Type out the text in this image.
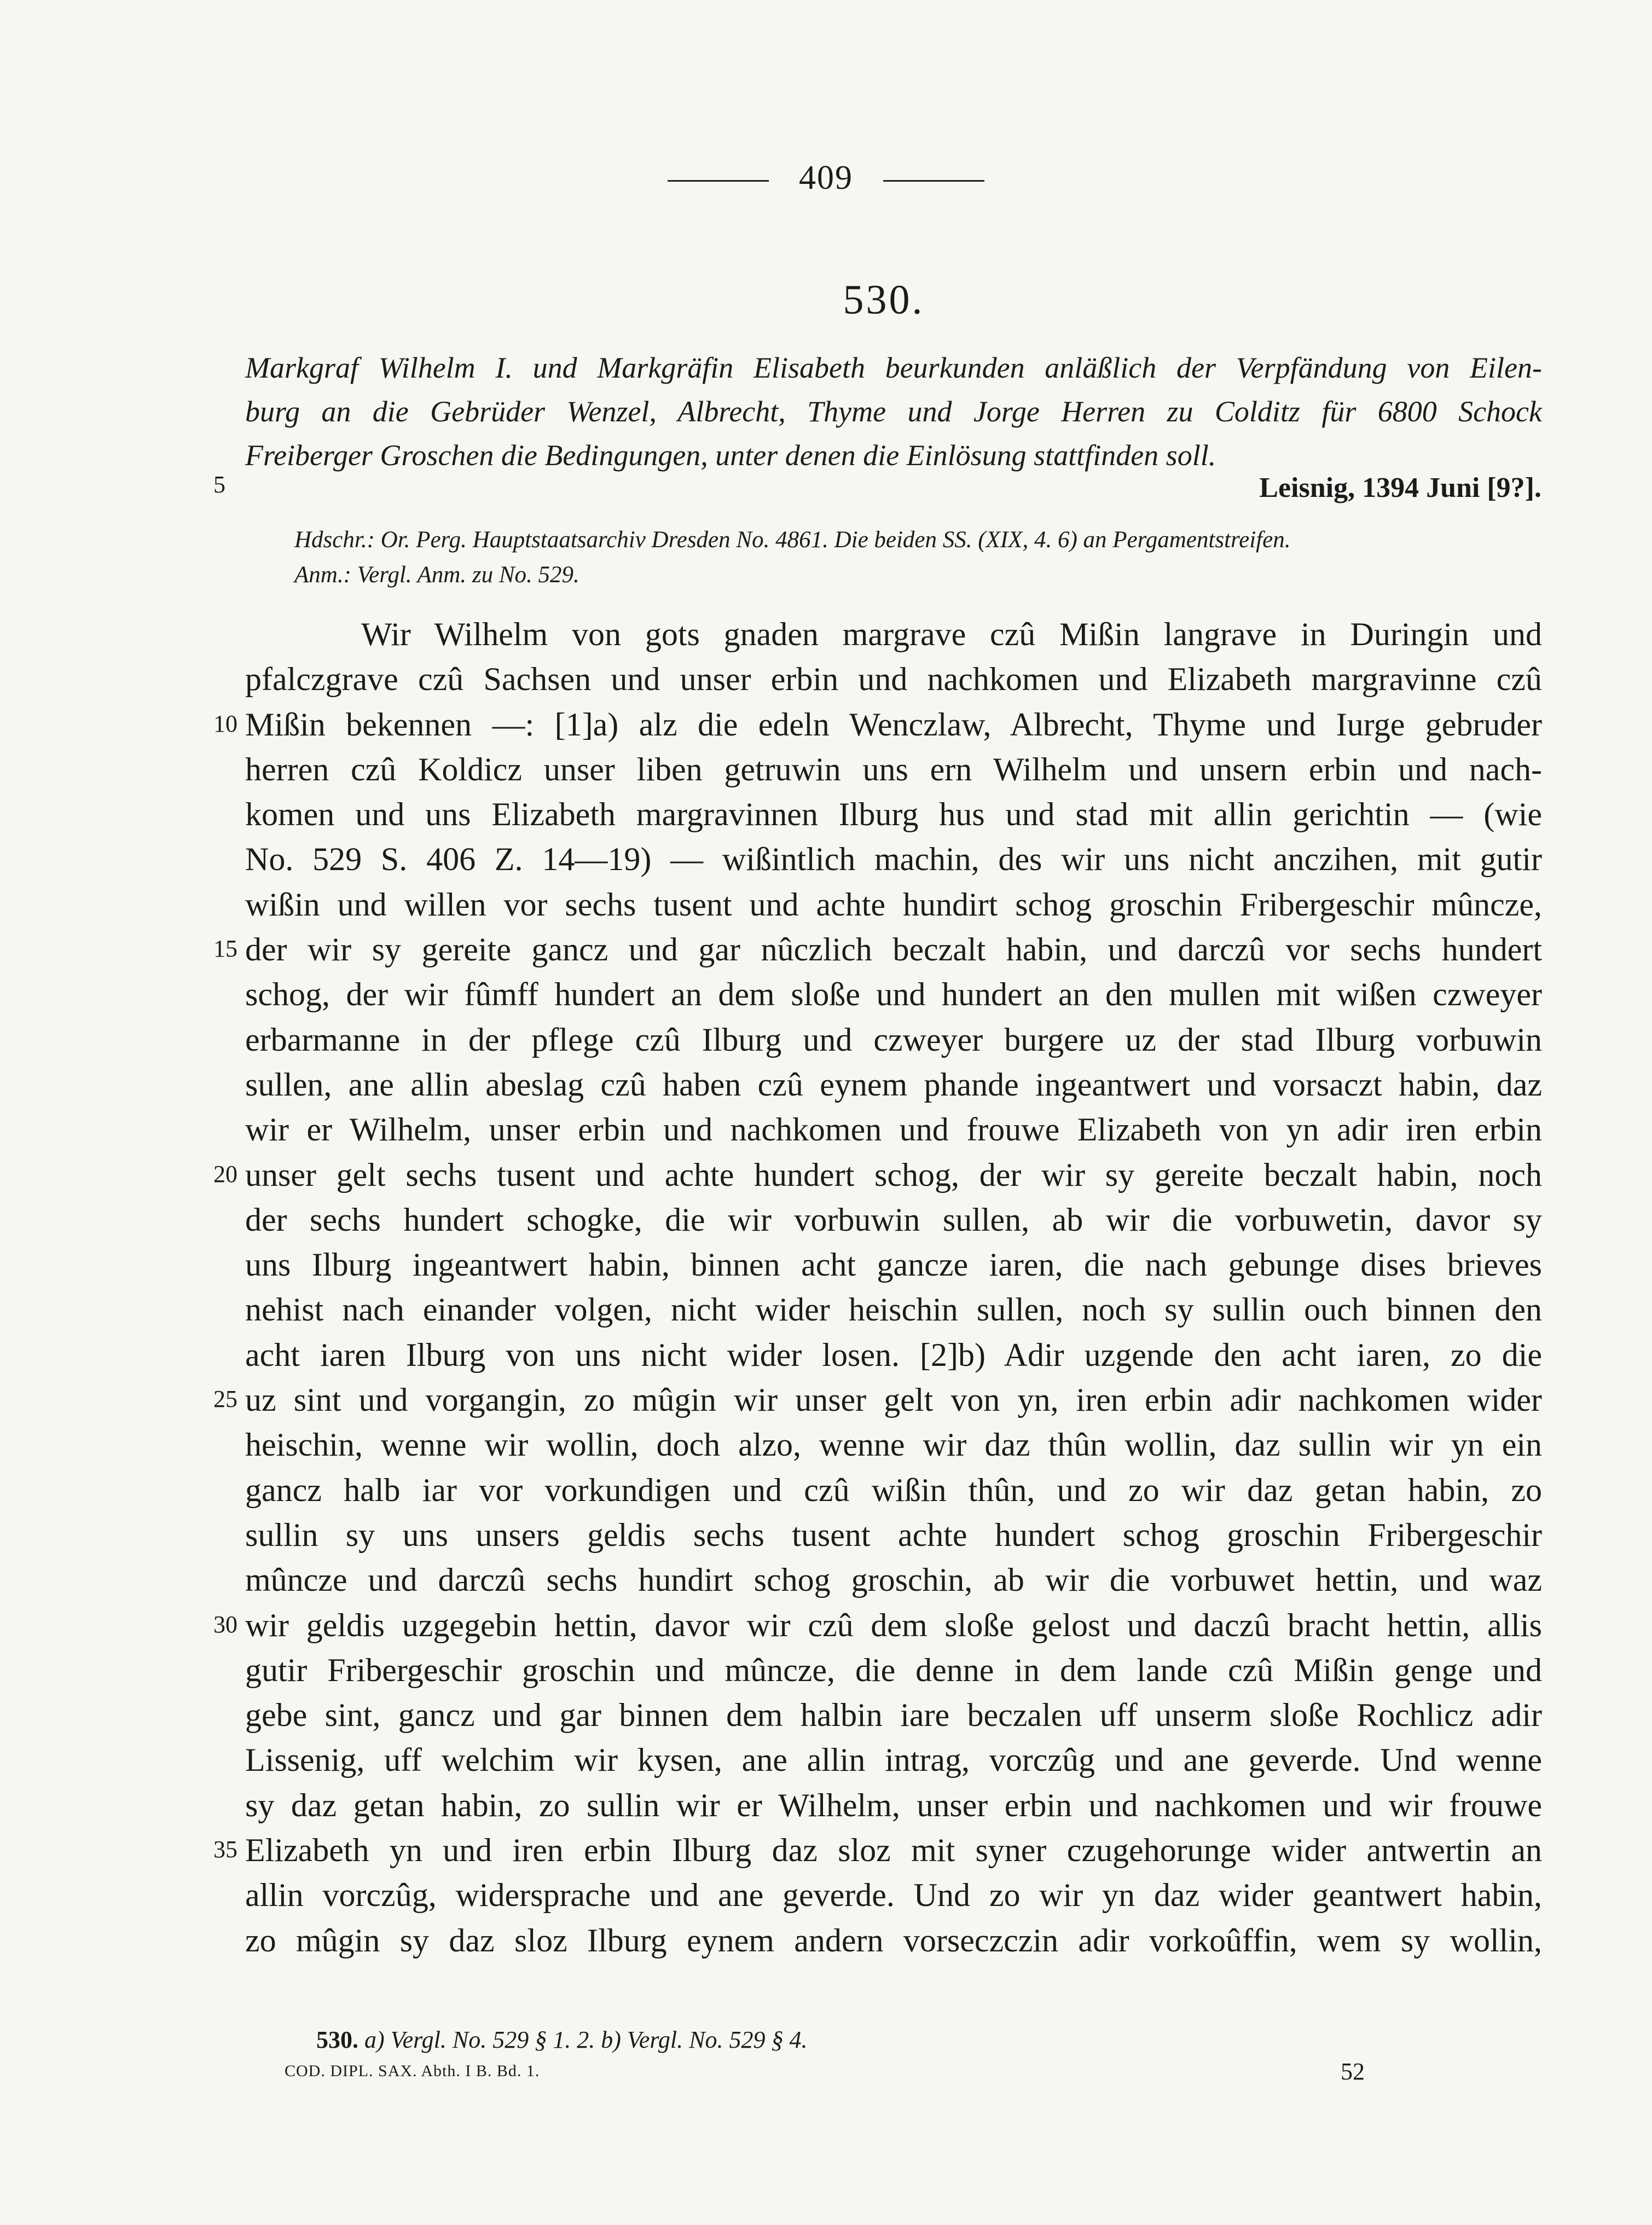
409
530.
Markgraf Wilhelm I. und Markgräfin Elisabeth beurkunden anläßlich der Verpfändung von Eilen-
burg an die Gebrüder Wenzel, Albrecht, Thyme und Jorge Herren zu Colditz für 6800 Schock
Freiberger Groschen die Bedingungen, unter denen die Einlösung stattfinden soll.
5	Leisnig, 1394 Juni [9?].
Hdschr.: Or. Perg. Hauptstaatsarchiv Dresden No. 4861. Die beiden SS. (XIX, 4. 6) an Pergamentstreifen.
Anm.: Vergl. Anm. zu No. 529.
Wir Wilhelm von gots gnaden margrave czû Mißin langrave in Duringin und
pfalczgrave czû Sachsen und unser erbin und nachkomen und Elizabeth margravinne czû
Mißin bekennen —: [1]a) alz die edeln Wenczlaw, Albrecht, Thyme und Iurge gebruder
herren czû Koldicz unser liben getruwin uns ern Wilhelm und unsern erbin und nach-
komen und uns Elizabeth margravinnen Ilburg hus und stad mit allin gerichtin — (wie
No. 529 S. 406 Z. 14—19) — wißintlich machin, des wir uns nicht anczihen, mit gutir
wißin und willen vor sechs tusent und achte hundirt schog groschin Fribergeschir mûncze,
der wir sy gereite gancz und gar nûczlich beczalt habin, und darczû vor sechs hundert
schog, der wir fûmff hundert an dem sloße und hundert an den mullen mit wißen czweyer
erbarmanne in der pflege czû Ilburg und czweyer burgere uz der stad Ilburg vorbuwin
sullen, ane allin abeslag czû haben czû eynem phande ingeantwert und vorsaczt habin, daz
wir er Wilhelm, unser erbin und nachkomen und frouwe Elizabeth von yn adir iren erbin
unser gelt sechs tusent und achte hundert schog, der wir sy gereite beczalt habin, noch
der sechs hundert schogke, die wir vorbuwin sullen, ab wir die vorbuwetin, davor sy
uns Ilburg ingeantwert habin, binnen acht gancze iaren, die nach gebunge dises brieves
nehist nach einander volgen, nicht wider heischin sullen, noch sy sullin ouch binnen den
acht iaren Ilburg von uns nicht wider losen. [2]b) Adir uzgende den acht iaren, zo die
uz sint und vorgangin, zo mûgin wir unser gelt von yn, iren erbin adir nachkomen wider
heischin, wenne wir wollin, doch alzo, wenne wir daz thûn wollin, daz sullin wir yn ein
gancz halb iar vor vorkundigen und czû wißin thûn, und zo wir daz getan habin, zo
sullin sy uns unsers geldis sechs tusent achte hundert schog groschin Fribergeschir
mûncze und darczû sechs hundirt schog groschin, ab wir die vorbuwet hettin, und waz
wir geldis uzgegebin hettin, davor wir czû dem sloße gelost und daczû bracht hettin, allis
gutir Fribergeschir groschin und mûncze, die denne in dem lande czû Mißin genge und
gebe sint, gancz und gar binnen dem halbin iare beczalen uff unserm sloße Rochlicz adir
Lissenig, uff welchim wir kysen, ane allin intrag, vorczûg und ane geverde. Und wenne
sy daz getan habin, zo sullin wir er Wilhelm, unser erbin und nachkomen und wir frouwe
Elizabeth yn und iren erbin Ilburg daz sloz mit syner czugehorunge wider antwertin an
allin vorczûg, widersprache und ane geverde. Und zo wir yn daz wider geantwert habin,
zo mûgin sy daz sloz Ilburg eynem andern vorseczczin adir vorkoûffin, wem sy wollin,
530. a) Vergl. No. 529 § 1. 2. b) Vergl. No. 529 § 4.
COD. DIPL. SAX. Abth. I B. Bd. 1.	52
10
15
20
25
30
35
